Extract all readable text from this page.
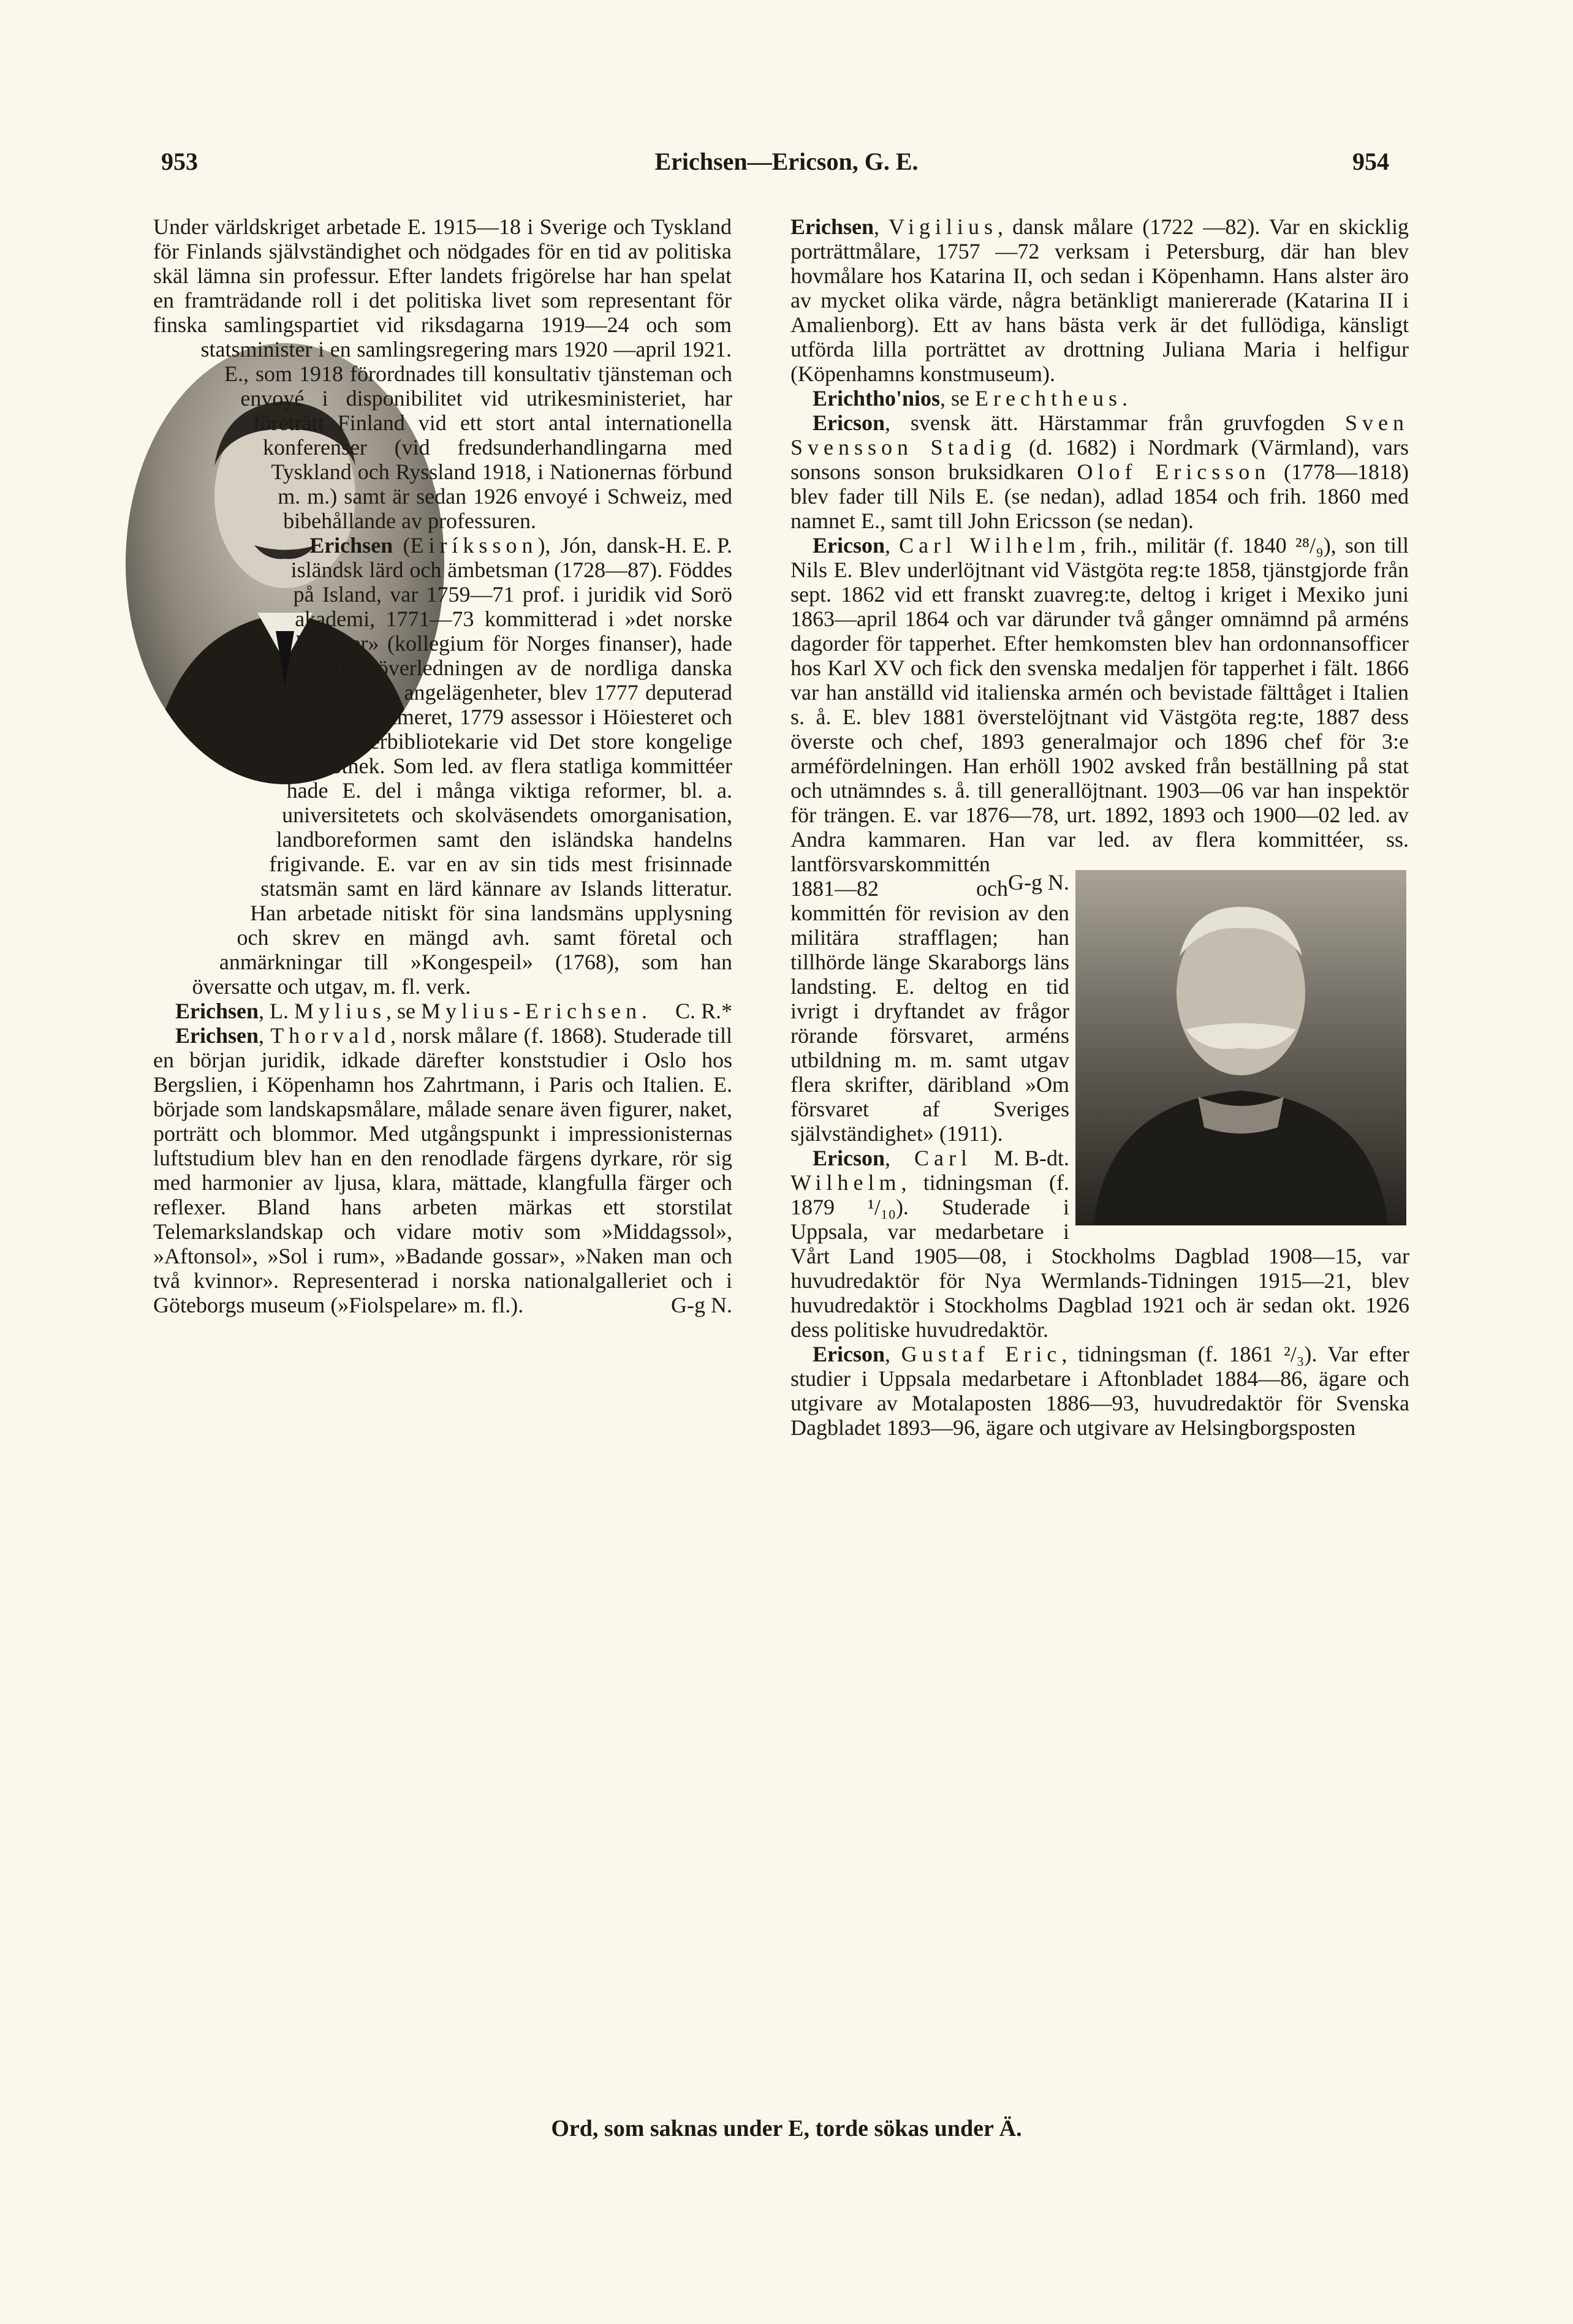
953	Erichsen—Ericson, G. E.	954

Under världskriget arbetade E. 1915—18 i Sverige och Tyskland för Finlands självständighet och nödgades för en tid av politiska skäl lämna sin professur. Efter landets frigörelse har han spelat en framträdande roll i det politiska livet som representant för finska samlingspartiet vid riksdagarna 1919—24 och som statsminister i en samlingsregering mars 1920 —april 1921. E., som 1918 förordnades till konsultativ tjänsteman och envoyé i disponibilitet vid utrikesministeriet, har företrätt Finland vid ett stort antal internationella konferenser (vid fredsunderhandlingarna med Tyskland och Ryssland 1918, i Nationernas förbund m. m.) samt är sedan 1926 envoyé i Schweiz, med bibehållande av professuren.
H. E. P.

Erichsen (Eiríksson), Jón, dansk-isländsk lärd och ämbetsman (1728—87). Föddes på Island, var 1759—71 prof. i juridik vid Sorö akademi, 1771—73 kommitterad i »det norske kammer» (kollegium för Norges finanser), hade därefter överledningen av de nordliga danska biländernas angelägenheter, blev 1777 deputerad i Rentekammeret, 1779 assessor i Höiesteret och 1781 överbibliotekarie vid Det store kongelige bibliothek. Som led. av flera statliga kommittéer hade E. del i många viktiga reformer, bl. a. universitetets och skolväsendets omorganisation, landboreformen samt den isländska handelns frigivande. E. var en av sin tids mest frisinnade statsmän samt en lärd kännare av Islands litteratur. Han arbetade nitiskt för sina landsmäns upplysning och skrev en mängd avh. samt företal och anmärkningar till »Kongespeil» (1768), som han översatte och utgav, m. fl. verk.
C. R.*

Erichsen, L. Mylius, se Mylius-Erichsen.

Erichsen, Thorvald, norsk målare (f. 1868). Studerade till en början juridik, idkade därefter konststudier i Oslo hos Bergslien, i Köpenhamn hos Zahrtmann, i Paris och Italien. E. började som landskapsmålare, målade senare även figurer, naket, porträtt och blommor. Med utgångspunkt i impressionisternas luftstudium blev han en den renodlade färgens dyrkare, rör sig med harmonier av ljusa, klara, mättade, klangfulla färger och reflexer. Bland hans arbeten märkas ett storstilat Telemarkslandskap och vidare motiv som »Middagssol», »Aftonsol», »Sol i rum», »Badande gossar», »Naken man och två kvinnor». Representerad i norska nationalgalleriet och i Göteborgs museum (»Fiolspelare» m. fl.).	G-g N.

Erichsen, Vigilius, dansk målare (1722 —82). Var en skicklig porträttmålare, 1757 —72 verksam i Petersburg, där han blev hovmålare hos Katarina II, och sedan i Köpenhamn. Hans alster äro av mycket olika värde, några betänkligt maniererade (Katarina II i Amalienborg). Ett av hans bästa verk är det fullödiga, känsligt utförda lilla porträttet av drottning Juliana Maria i helfigur (Köpenhamns konstmuseum).
G-g N.

Erichtho'nios, se Erechtheus.

Ericson, svensk ätt. Härstammar från gruvfogden Sven Svensson Stadig (d. 1682) i Nordmark (Värmland), vars sonsons sonson bruksidkaren Olof Ericsson (1778—1818) blev fader till Nils E. (se nedan), adlad 1854 och frih. 1860 med namnet E., samt till John Ericsson (se nedan).

Ericson, Carl Wilhelm, frih., militär (f. 1840 ²⁸/₉), son till Nils E. Blev underlöjtnant vid Västgöta reg:te 1858, tjänstgjorde från sept. 1862 vid ett franskt zuavreg:te, deltog i kriget i Mexiko juni 1863—april 1864 och var därunder två gånger omnämnd på arméns dagorder för tapperhet. Efter hemkomsten blev han ordonnansofficer hos Karl XV och fick den svenska medaljen för tapperhet i fält. 1866 var han anställd vid italienska armén och bevistade fälttåget i Italien s. å. E. blev 1881 överstelöjtnant vid Västgöta reg:te, 1887 dess överste och chef, 1893 generalmajor och 1896 chef för 3:e arméfördelningen. Han erhöll 1902 avsked från beställning på stat och utnämndes s. å. till generallöjtnant. 1903—06 var han inspektör för trängen. E. var 1876—78, urt. 1892, 1893 och 1900—02 led. av Andra kammaren. Han var led. av flera kommittéer, ss. lantförsvarskommittén 1881—82 och kommittén för revision av den militära strafflagen; han tillhörde länge Skaraborgs läns landsting. E. deltog en tid ivrigt i dryftandet av frågor rörande försvaret, arméns utbildning m. m. samt utgav flera skrifter, däribland »Om försvaret af Sveriges självständighet» (1911).
M. B-dt.

Ericson, Carl Wilhelm, tidningsman (f. 1879 ¹/₁₀). Studerade i Uppsala, var medarbetare i Vårt Land 1905—08, i Stockholms Dagblad 1908—15, var huvudredaktör för Nya Wermlands-Tidningen 1915—21, blev huvudredaktör i Stockholms Dagblad 1921 och är sedan okt. 1926 dess politiske huvudredaktör.

Ericson, Gustaf Eric, tidningsman (f. 1861 ²/₃). Var efter studier i Uppsala medarbetare i Aftonbladet 1884—86, ägare och utgivare av Motalaposten 1886—93, huvudredaktör för Svenska Dagbladet 1893—96, ägare och utgivare av Helsingborgsposten

Ord, som saknas under E, torde sökas under Ä.
